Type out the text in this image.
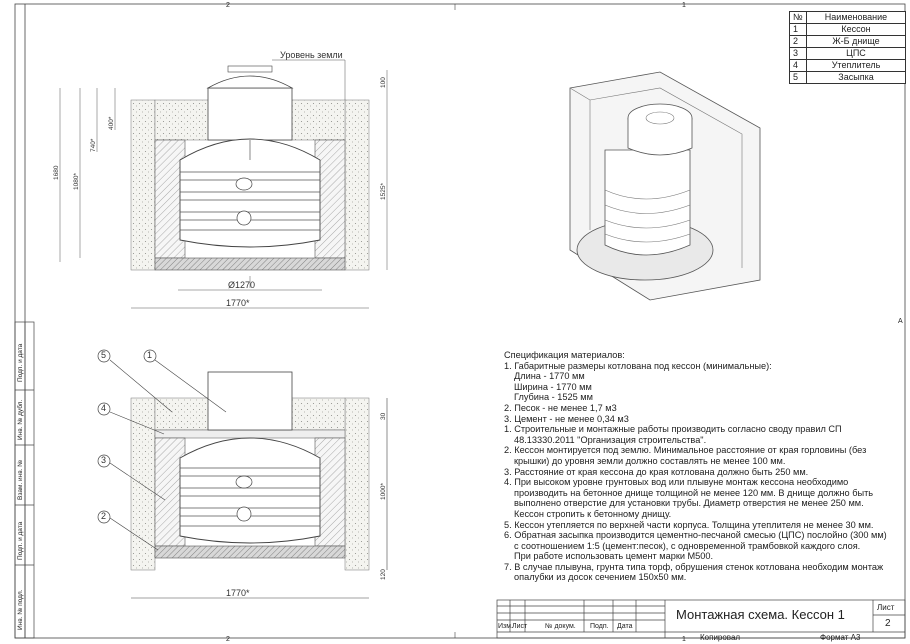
2	1
2	1
A
№	Наименование
1	Кессон
2	Ж-Б днище
3	ЦПС
4	Утеплитель
5	Засыпка
Уровень земли
100
400*
740*
1080*
1680
1525*
Ø1270
1770*
5	1
4
3
2
30
1000*
120
1770*
Спецификация материалов:
1. Габаритные размеры котлована под кессон (минимальные):
Длина - 1770 мм
Ширина - 1770 мм
Глубина - 1525 мм
2. Песок - не менее 1,7 м3
3. Цемент - не менее 0,34 м3
1. Строительные и монтажные работы производить согласно своду правил СП
48.13330.2011 "Организация строительства".
2. Кессон монтируется под землю. Минимальное расстояние от края горловины (без
крышки) до уровня земли должно составлять не менее 100 мм.
3. Расстояние от края кессона до края котлована должно быть 250 мм.
4. При высоком уровне грунтовых вод или плывуне монтаж кессона необходимо
производить на бетонное днище толщиной не менее 120 мм. В днище должно быть
выполнено отверстие для установки трубы. Диаметр отверстия не менее 250 мм.
Кессон стропить к бетонному днищу.
5. Кессон утепляется по верхней части корпуса. Толщина утеплителя не менее 30 мм.
6. Обратная засыпка производится цементно-песчаной смесью (ЦПС) послойно (300 мм)
с соотношением 1:5 (цемент:песок), с одновременной трамбовкой каждого слоя.
При работе использовать цемент марки М500.
7. В случае плывуна, грунта типа торф, обрушения стенок котлована необходим монтаж
опалубки из досок сечением 150х50 мм.
Монтажная схема. Кессон 1	Лист
2
Изм. Лист	№ докум. Подп. Дата
Копировал	Формат А3
Подп. и дата
Инв. № дубл.
Взам. инв. №
Подп. и дата
Инв. № подл.
